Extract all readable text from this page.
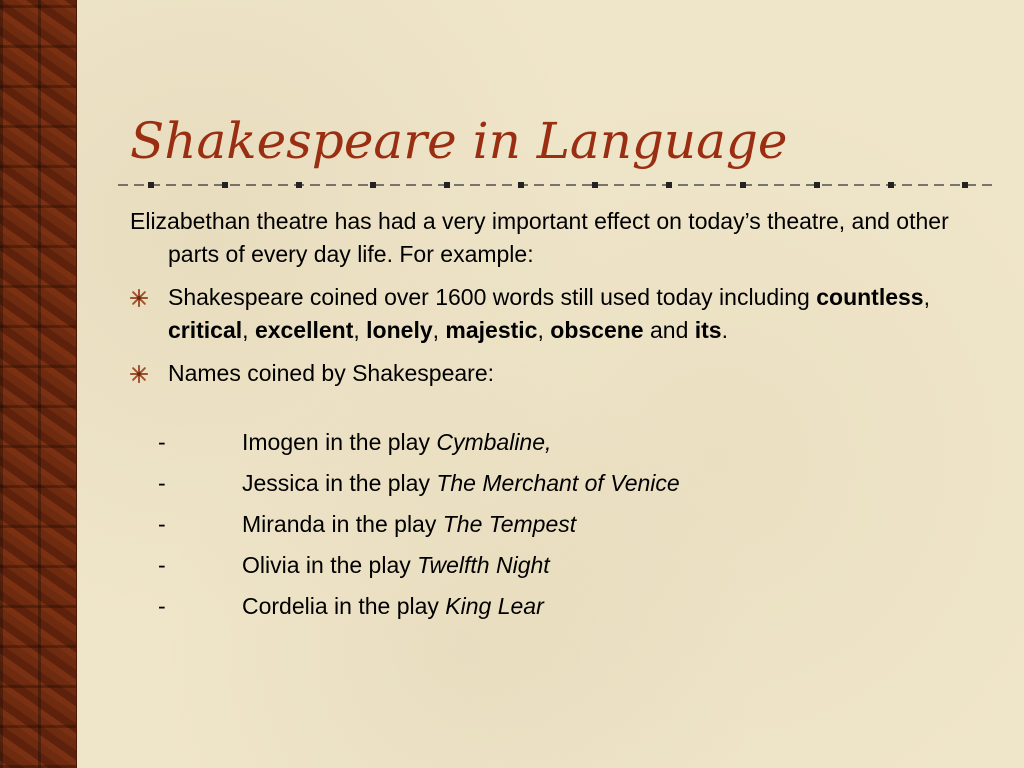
Shakespeare in Language

Elizabethan theatre has had a very important effect on today’s theatre, and other parts of every day life. For example:

Shakespeare coined over 1600 words still used today including countless, critical, excellent, lonely, majestic, obscene and its.

Names coined by Shakespeare:

-	Imogen in the play Cymbaline,
-	Jessica in the play The Merchant of Venice
-	Miranda in the play The Tempest
-	Olivia in the play Twelfth Night
-	Cordelia in the play King Lear
